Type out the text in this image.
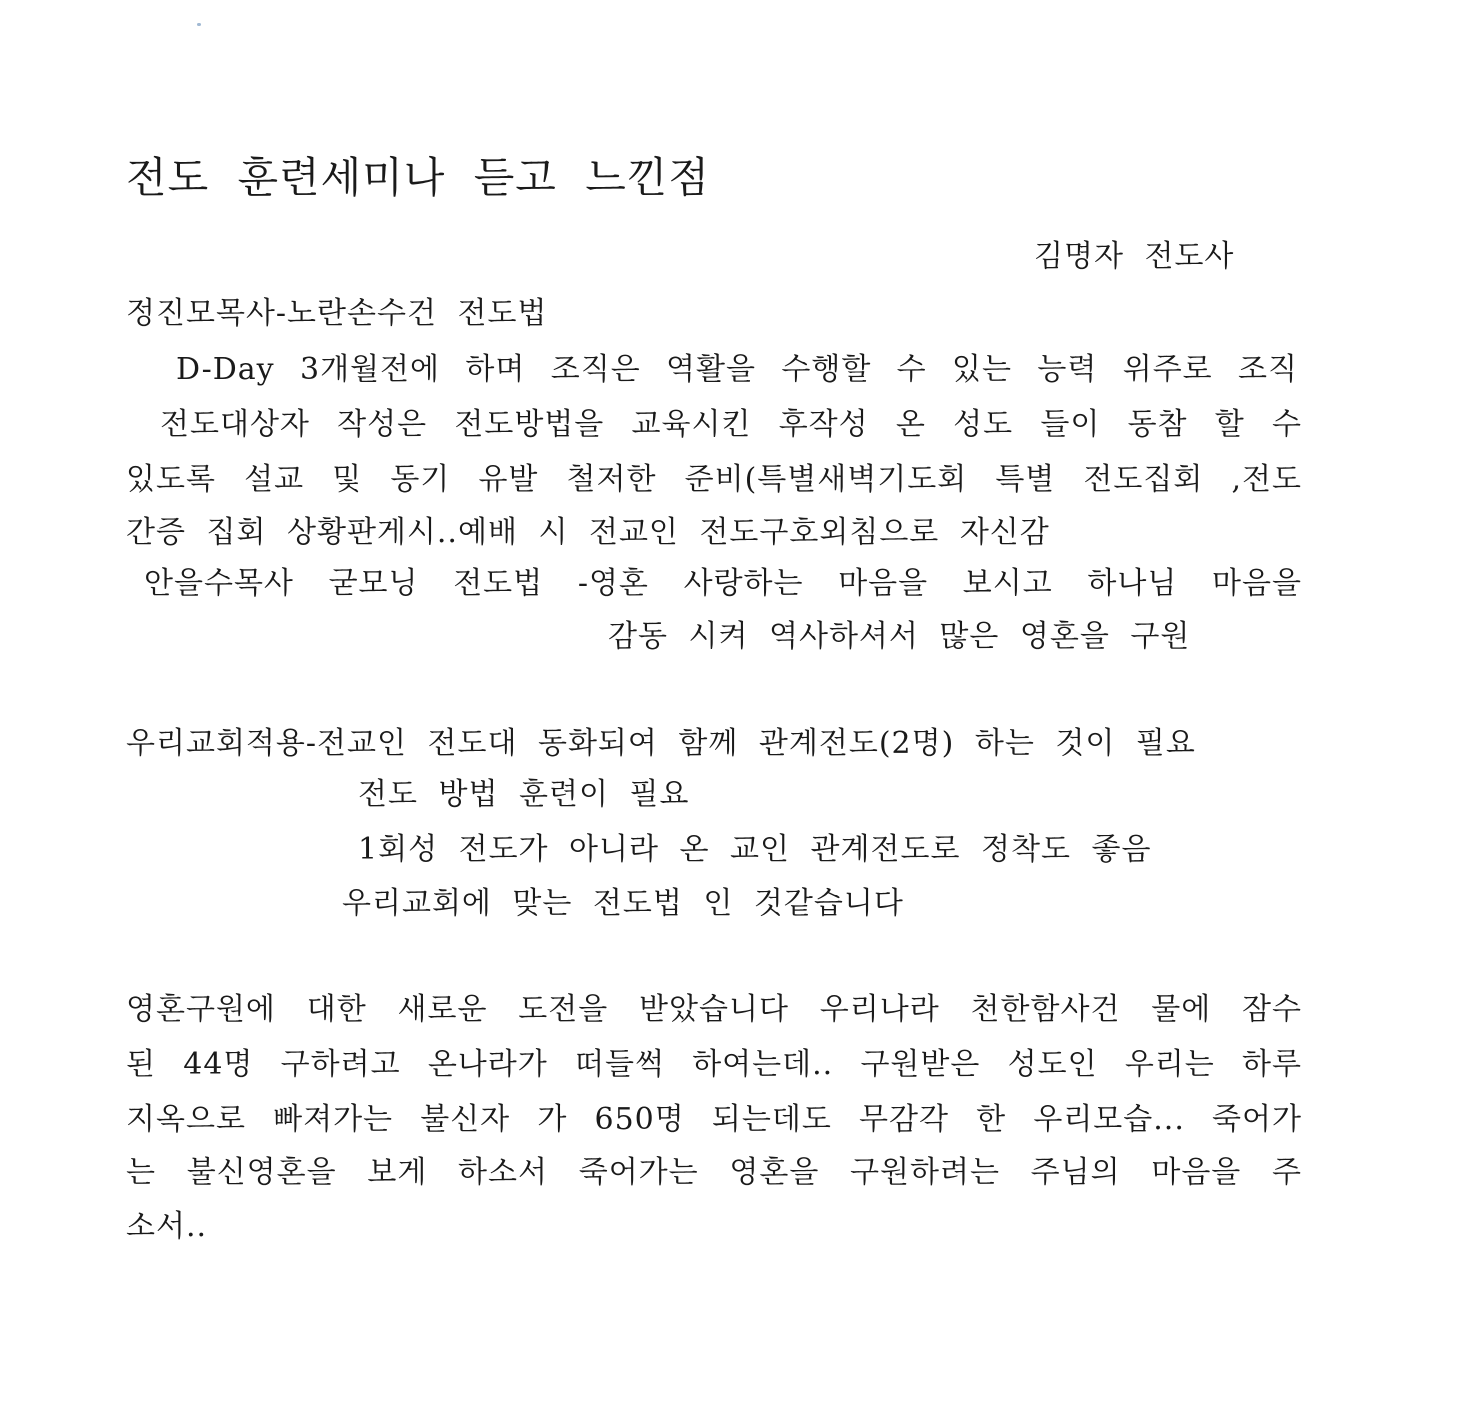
전도 훈련세미나 듣고 느낀점
김명자 전도사
정진모목사-노란손수건 전도법
D-Day 3개월전에 하며 조직은 역활을 수행할 수 있는 능력 위주로 조직
전도대상자 작성은 전도방법을 교육시킨 후작성 온 성도 들이 동참 할 수
있도록 설교 및 동기 유발 철저한 준비(특별새벽기도회 특별 전도집회 ,전도
간증 집회 상황판게시..예배 시 전교인 전도구호외침으로 자신감
안을수목사 굳모닝 전도법 -영혼 사랑하는 마음을 보시고 하나님 마음을
감동 시켜 역사하셔서 많은 영혼을 구원
우리교회적용-전교인 전도대 동화되여 함께 관계전도(2명) 하는 것이 필요
전도 방법 훈련이 필요
1회성 전도가 아니라 온 교인 관계전도로 정착도 좋음
우리교회에 맞는 전도법 인 것같습니다
영혼구원에 대한 새로운 도전을 받았습니다 우리나라 천한함사건 물에 잠수
된 44명 구하려고 온나라가 떠들썩 하여는데.. 구원받은 성도인 우리는 하루
지옥으로 빠져가는 불신자 가 650명 되는데도 무감각 한 우리모습... 죽어가
는 불신영혼을 보게 하소서 죽어가는 영혼을 구원하려는 주님의 마음을 주
소서..
